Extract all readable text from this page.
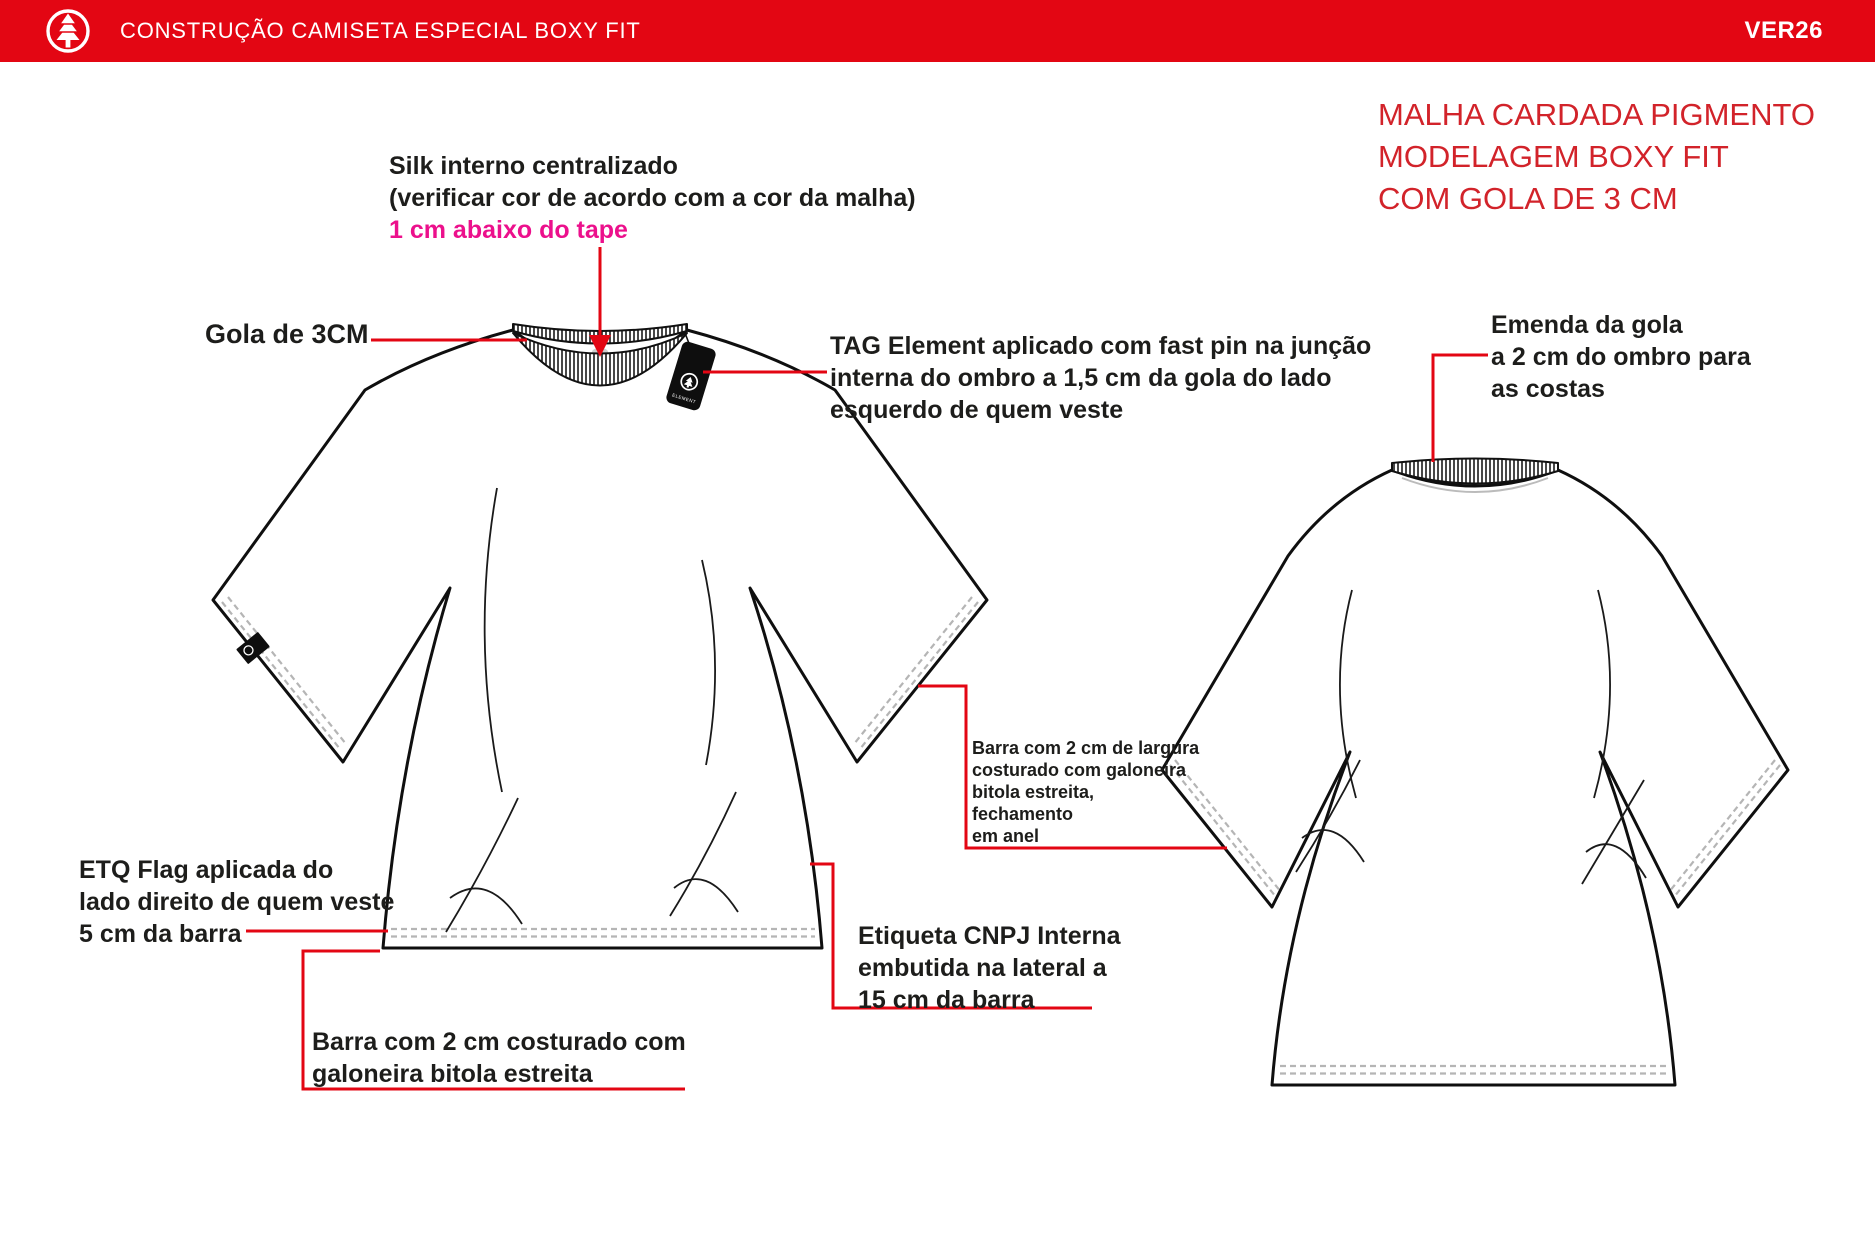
CONSTRUÇÃO CAMISETA ESPECIAL BOXY FIT	VER26
ELEMENT
MALHA CARDADA PIGMENTO
MODELAGEM BOXY FIT
COM GOLA DE 3 CM
Silk interno centralizado
(verificar cor de acordo com a cor da malha)
1 cm abaixo do tape
Gola de 3CM	TAG Element aplicado com fast pin na junção
interna do ombro a 1,5 cm da gola do lado
esquerdo de quem veste
Emenda da gola
a 2 cm do ombro para
as costas
Barra com 2 cm de largura
costurado com galoneira
bitola estreita,
fechamento
em anel
ETQ Flag aplicada do
lado direito de quem veste
5 cm da barra	Etiqueta CNPJ Interna
embutida na lateral a
15 cm da barra
Barra com 2 cm costurado com
galoneira bitola estreita
